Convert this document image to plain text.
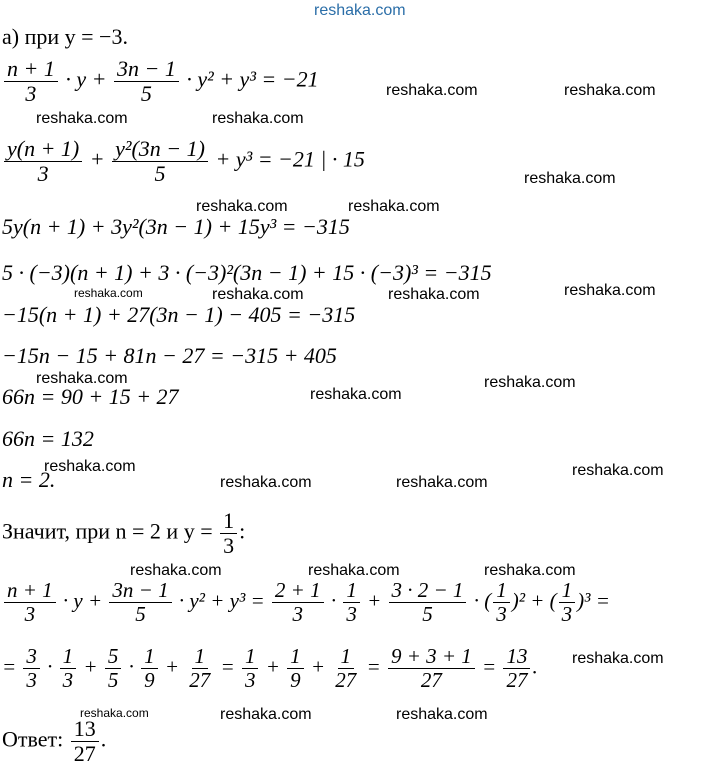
reshaka.com
а) при y = −3.
$\frac{n + 1}{3} \cdot y + \frac{3n - 1}{5} \cdot y^2 + y^3 = -21$
$\frac{y(n + 1)}{3} + \frac{\text{y²(3n − 1)}}{5} + y^3 = -21$ | · 15
5y(n + 1) + 3y²(3n − 1) + 15y³ = −315
5 · (−3)(n + 1) + 3 · (−3)²(3n − 1) + 15 · (−3)³ = −315
−15(n + 1) + 27(3n − 1) − 405 = −315
−15n − 15 + 81n − 27 = −315 + 405
66n = 90 + 15 + 27
66n = 132
n = 2.
Значит, при n = 2 и $y = \frac{1}{3}$ :
$\frac{n + 1}{3} \cdot y + \frac{3n - 1}{5} \cdot y^2 + y^3 = \frac{2 + 1}{3} \cdot \frac{1}{3} + \frac{3 \cdot 2 - 1}{5}$ · ( $\frac{1}{3} )^2$ + ( $\frac{1}{3} )^3$ =
= $\frac{3}{3} \cdot \frac{1}{3} + \frac{5}{5} \cdot \frac{1}{9} + \frac{1}{27} = \frac{1}{3} + \frac{1}{9} + \frac{1}{27} = \frac{9 + 3 + 1}{27} = \frac{13}{27}$ .
Ответ: $\frac{13}{27}$ .
reshaka.com	reshaka.com
reshaka.com	reshaka.com
reshaka.com
reshaka.com	reshaka.com
reshaka.com	reshaka.com	reshaka.com	reshaka.com
reshaka.com	reshaka.com
reshaka.com
reshaka.com	reshaka.com
reshaka.com	reshaka.com
reshaka.com	reshaka.com	reshaka.com
reshaka.com
reshaka.com	reshaka.com	reshaka.com
